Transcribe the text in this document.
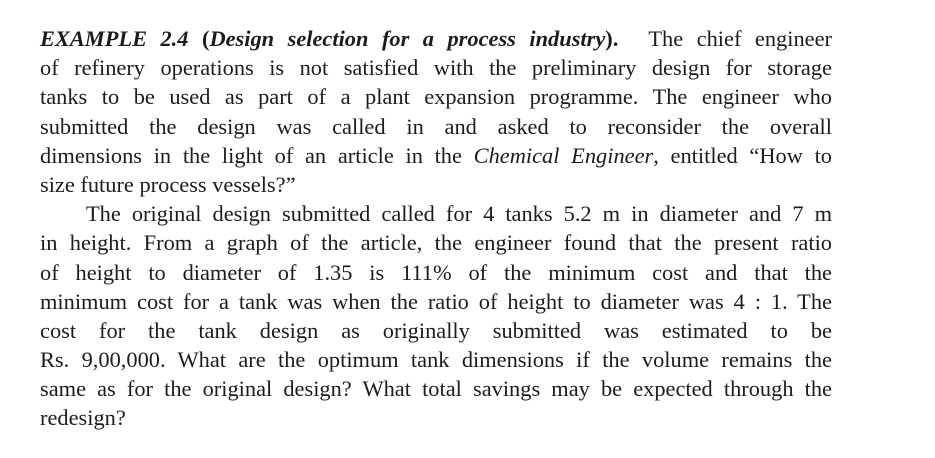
EXAMPLE 2.4 (Design selection for a process industry). The chief engineer
of refinery operations is not satisfied with the preliminary design for storage
tanks to be used as part of a plant expansion programme. The engineer who
submitted the design was called in and asked to reconsider the overall
dimensions in the light of an article in the Chemical Engineer, entitled “How to
size future process vessels?”
The original design submitted called for 4 tanks 5.2 m in diameter and 7 m
in height. From a graph of the article, the engineer found that the present ratio
of height to diameter of 1.35 is 111% of the minimum cost and that the
minimum cost for a tank was when the ratio of height to diameter was 4 : 1. The
cost for the tank design as originally submitted was estimated to be
Rs. 9,00,000. What are the optimum tank dimensions if the volume remains the
same as for the original design? What total savings may be expected through the
redesign?
